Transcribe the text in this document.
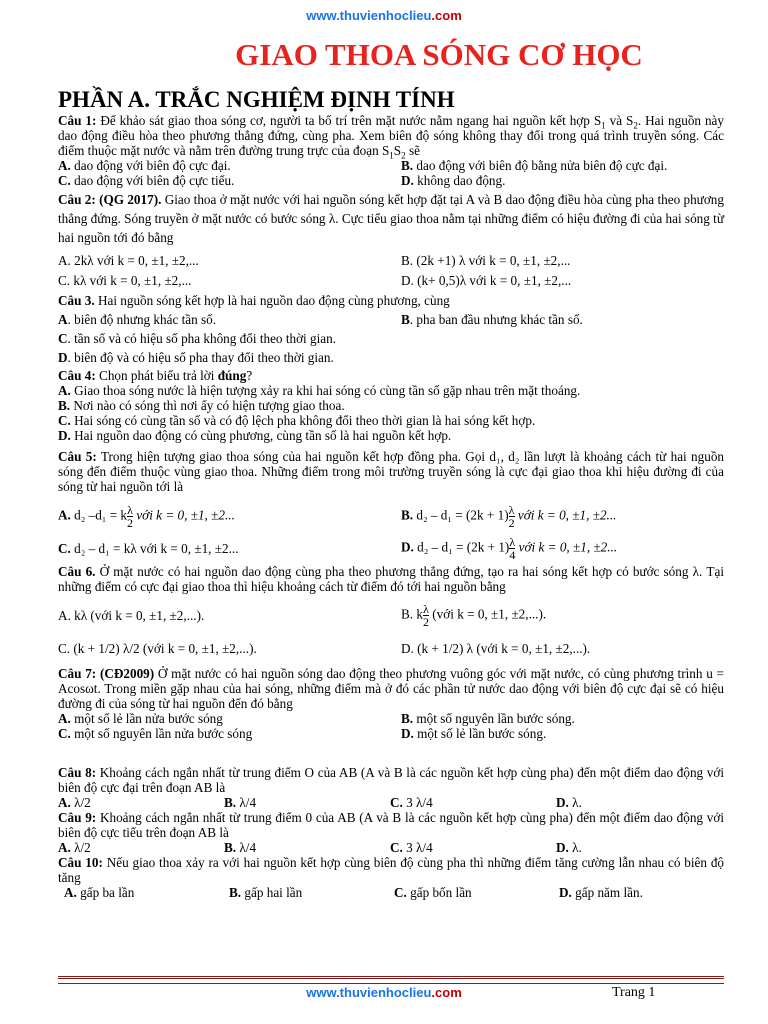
www.thuvienhoclieu.com
GIAO THOA SÓNG CƠ HỌC
PHẦN A. TRẮC NGHIỆM ĐỊNH TÍNH

Câu 1: Để khảo sát giao thoa sóng cơ, người ta bố trí trên mặt nước nằm ngang hai nguồn kết hợp $S_1$ và $S_2$. Hai nguồn này dao động điều hòa theo phương thẳng đứng, cùng pha. Xem biên độ sóng không thay đổi trong quá trình truyền sóng. Các điểm thuộc mặt nước và nằm trên đường trung trực của đoạn $S_1S_2$ sẽ

A. dao động với biên độ cực đại.	B. dao động với biên độ bằng nửa biên độ cực đại.
C. dao động với biên độ cực tiểu.	D. không dao động.

Câu 2: (QG 2017). Giao thoa ở mặt nước với hai nguồn sóng kết hợp đặt tại A và B dao động điều hòa cùng pha theo phương thẳng đứng. Sóng truyền ở mặt nước có bước sóng λ. Cực tiểu giao thoa nằm tại những điểm có hiệu đường đi của hai sóng từ hai nguồn tới đó bằng

A. 2kλ với k = 0, ±1, ±2,...	B. (2k +1) λ với k = 0, ±1, ±2,...
C. kλ với k = 0, ±1, ±2,...	D. (k+ 0,5)λ với k = 0, ±1, ±2,...

Câu 3. Hai nguồn sóng kết hợp là hai nguồn dao động cùng phương, cùng

A. biên độ nhưng khác tần số.	B. pha ban đầu nhưng khác tần số.

C. tần số và có hiệu số pha không đổi theo thời gian.

D. biên độ và có hiệu số pha thay đổi theo thời gian.

Câu 4: Chọn phát biểu trả lời đúng?

A. Giao thoa sóng nước là hiện tượng xảy ra khi hai sóng có cùng tần số gặp nhau trên mặt thoáng.

B. Nơi nào có sóng thì nơi ấy có hiện tượng giao thoa.

C. Hai sóng có cùng tần số và có độ lệch pha không đổi theo thời gian là hai sóng kết hợp.

D. Hai nguồn dao động có cùng phương, cùng tần số là hai nguồn kết hợp.

Câu 5: Trong hiện tượng giao thoa sóng của hai nguồn kết hợp đồng pha. Gọi d₁, d₂ lần lượt là khoảng cách từ hai nguồn sóng đến điểm thuộc vùng giao thoa. Những điểm trong môi trường truyền sóng là cực đại giao thoa khi hiệu đường đi của sóng từ hai nguồn tới là

A. d₂ –d₁ = k $\frac{\lambda}{2}$ với k = 0, ±1, ±2...	B. $d_2 - d_1 = (2k + 1) \frac{\lambda}{2}$ với k = 0, ±1, ±2...
C. d₂ – d₁ = kλ với k = 0, ±1, ±2...	D. $d_2 - d_1 = (2k + 1) \frac{\lambda}{4}$ với k = 0, ±1, ±2...

Câu 6. Ở mặt nước có hai nguồn dao động cùng pha theo phương thẳng đứng, tạo ra hai sóng kết hợp có bước sóng λ. Tại những điểm có cực đại giao thoa thì hiệu khoảng cách từ điểm đó tới hai nguồn bằng

A. kλ (với k = 0, ±1, ±2,...).	B. k $\frac{\lambda}{2}$ (với k = 0, ±1, ±2,...).
C. (k + 1/2) λ/2 (với k = 0, ±1, ±2,...).	D. (k + 1/2) λ (với k = 0, ±1, ±2,...).

Câu 7: (CĐ2009) Ở mặt nước có hai nguồn sóng dao động theo phương vuông góc với mặt nước, có cùng phương trình u = Acosωt. Trong miền gặp nhau của hai sóng, những điểm mà ở đó các phần tử nước dao động với biên độ cực đại sẽ có hiệu đường đi của sóng từ hai nguồn đến đó bằng

A. một số lẻ lần nửa bước sóng	B. một số nguyên lần bước sóng.
C. một số nguyên lần nửa bước sóng	D. một số lẻ lần bước sóng.

Câu 8: Khoảng cách ngắn nhất từ trung điểm O của AB (A và B là các nguồn kết hợp cùng pha) đến một điểm dao động với biên độ cực đại trên đoạn AB là

A. λ/2	B. λ/4	C. 3 λ/4	D. λ.

Câu 9: Khoảng cách ngắn nhất từ trung điểm 0 của AB (A và B là các nguồn kết hợp cùng pha) đến một điểm dao động với biên độ cực tiểu trên đoạn AB là

A. λ/2	B. λ/4	C. 3 λ/4	D. λ.

Câu 10: Nếu giao thoa xảy ra với hai nguồn kết hợp cùng biên độ cùng pha thì những điểm tăng cường lẫn nhau có biên độ tăng

A. gấp ba lần	B. gấp hai lần	C. gấp bốn lần	D. gấp năm lần.
www.thuvienhoclieu.com	Trang 1
